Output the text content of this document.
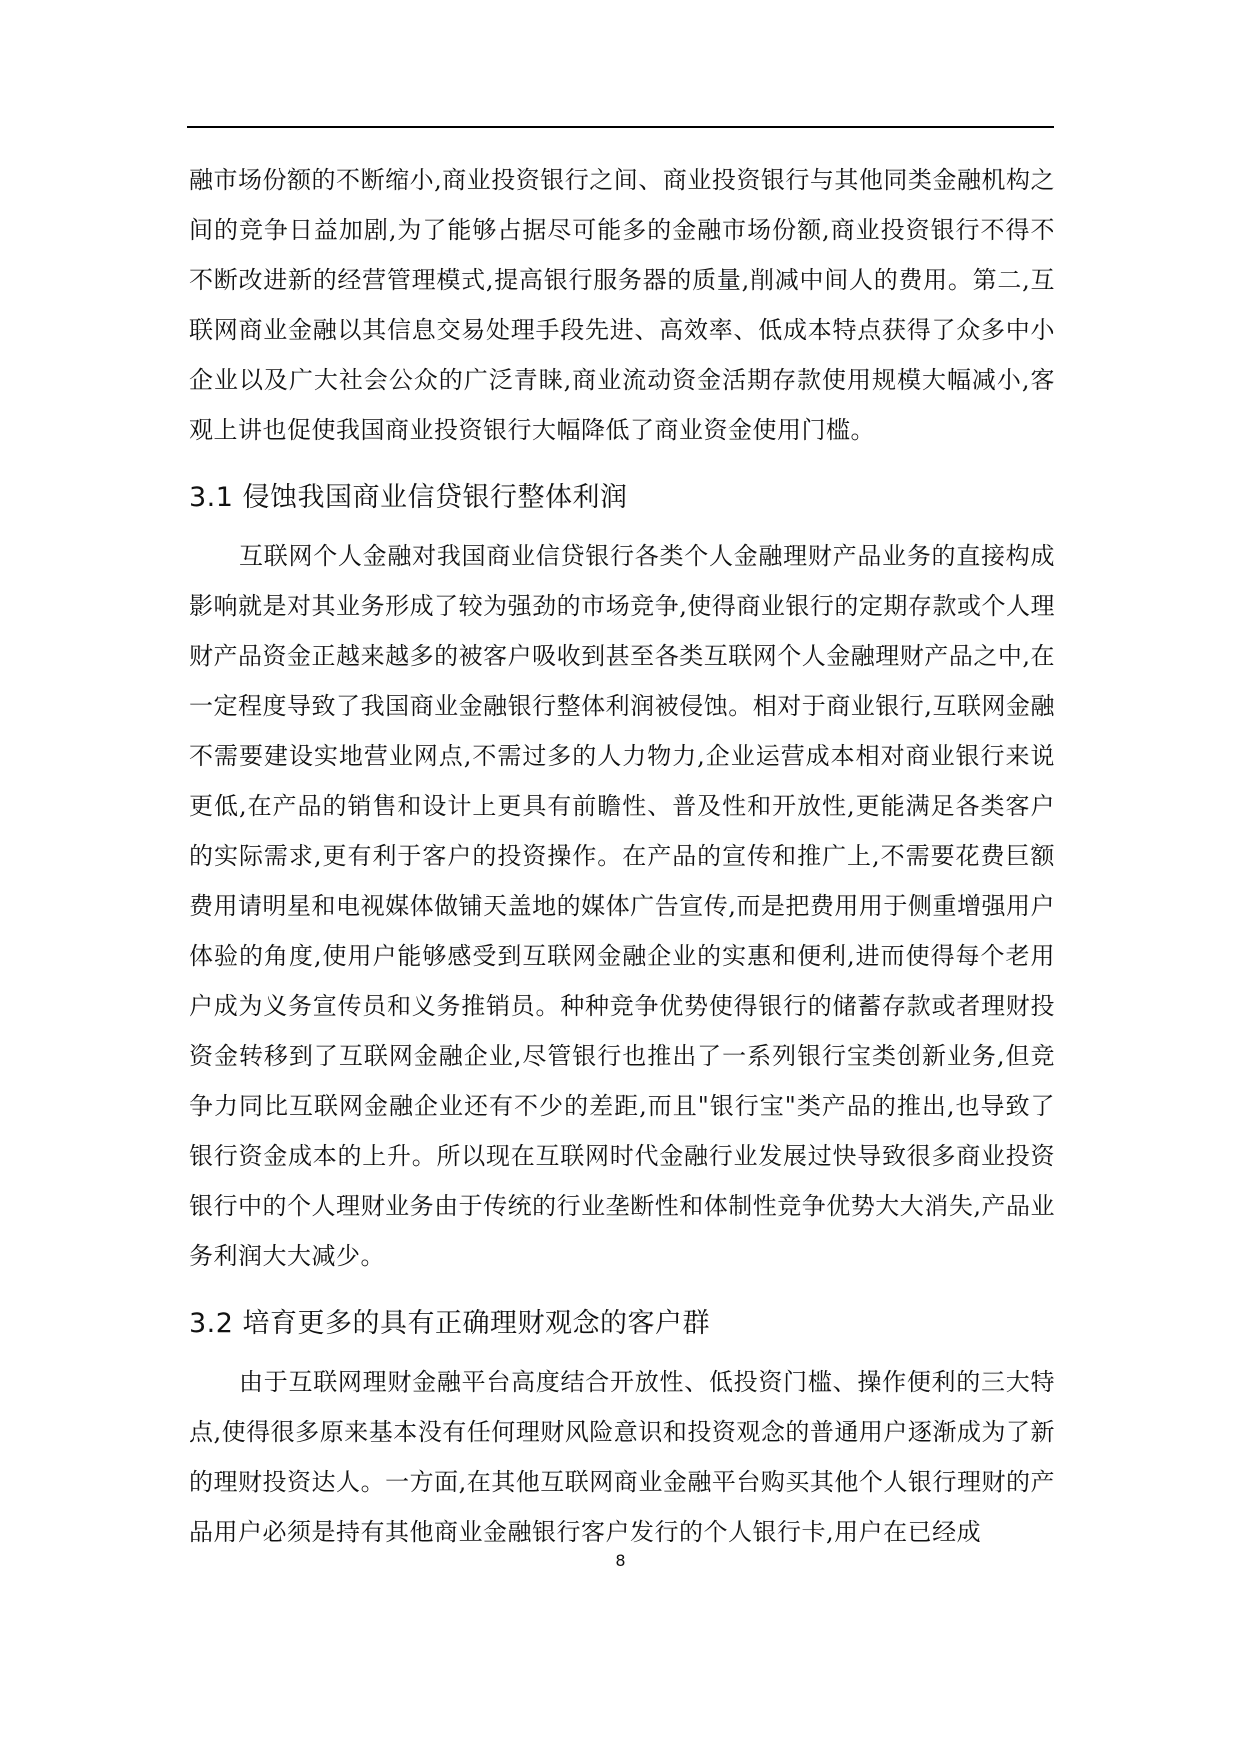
融市场份额的不断缩小,商业投资银行之间、商业投资银行与其他同类金融机构之间的竞争日益加剧,为了能够占据尽可能多的金融市场份额,商业投资银行不得不不断改进新的经营管理模式,提高银行服务器的质量,削减中间人的费用。第二,互联网商业金融以其信息交易处理手段先进、高效率、低成本特点获得了众多中小企业以及广大社会公众的广泛青睐,商业流动资金活期存款使用规模大幅减小,客观上讲也促使我国商业投资银行大幅降低了商业资金使用门槛。

3.1 侵蚀我国商业信贷银行整体利润

互联网个人金融对我国商业信贷银行各类个人金融理财产品业务的直接构成影响就是对其业务形成了较为强劲的市场竞争,使得商业银行的定期存款或个人理财产品资金正越来越多的被客户吸收到甚至各类互联网个人金融理财产品之中,在一定程度导致了我国商业金融银行整体利润被侵蚀。相对于商业银行,互联网金融不需要建设实地营业网点,不需过多的人力物力,企业运营成本相对商业银行来说更低,在产品的销售和设计上更具有前瞻性、普及性和开放性,更能满足各类客户的实际需求,更有利于客户的投资操作。在产品的宣传和推广上,不需要花费巨额费用请明星和电视媒体做铺天盖地的媒体广告宣传,而是把费用用于侧重增强用户体验的角度,使用户能够感受到互联网金融企业的实惠和便利,进而使得每个老用户成为义务宣传员和义务推销员。种种竞争优势使得银行的储蓄存款或者理财投资金转移到了互联网金融企业,尽管银行也推出了一系列银行宝类创新业务,但竞争力同比互联网金融企业还有不少的差距,而且"银行宝"类产品的推出,也导致了银行资金成本的上升。所以现在互联网时代金融行业发展过快导致很多商业投资银行中的个人理财业务由于传统的行业垄断性和体制性竞争优势大大消失,产品业务利润大大减少。

3.2 培育更多的具有正确理财观念的客户群

由于互联网理财金融平台高度结合开放性、低投资门槛、操作便利的三大特点,使得很多原来基本没有任何理财风险意识和投资观念的普通用户逐渐成为了新的理财投资达人。一方面,在其他互联网商业金融平台购买其他个人银行理财的产品用户必须是持有其他商业金融银行客户发行的个人银行卡,用户在已经成

8
